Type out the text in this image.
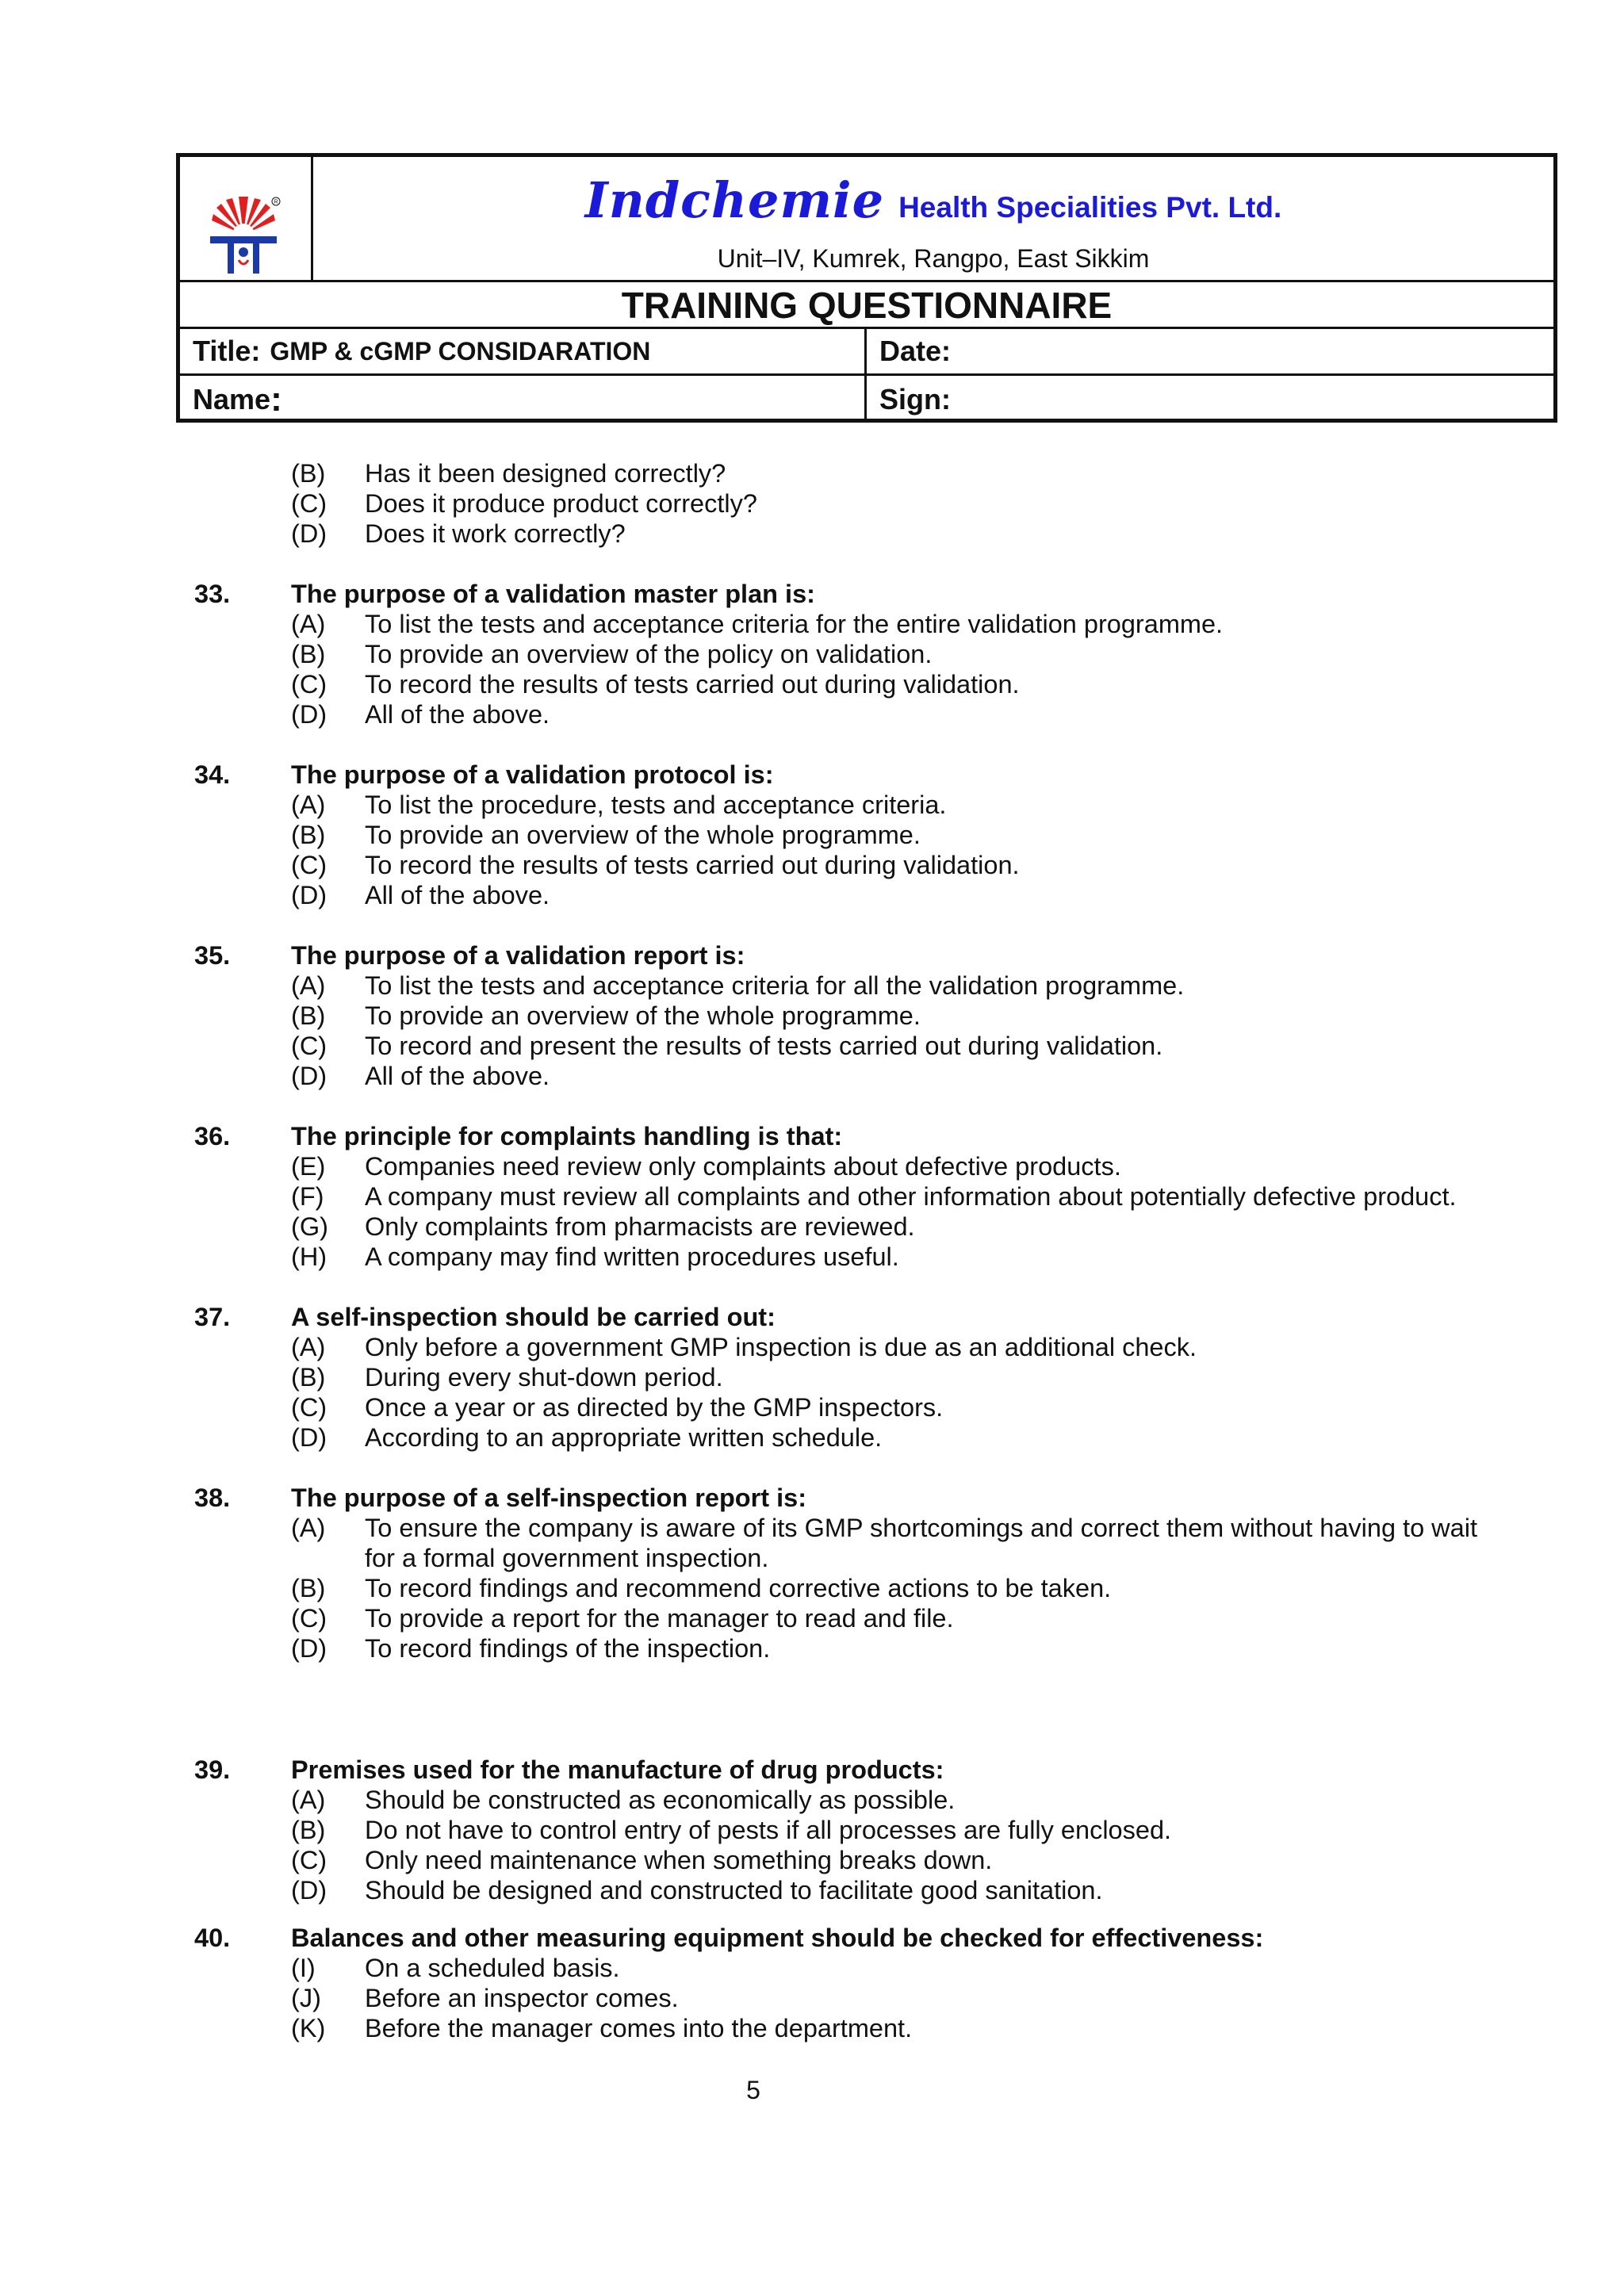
R	Indchemie Health Specialities Pvt. Ltd.
Unit–IV, Kumrek, Rangpo, East Sikkim
TRAINING QUESTIONNAIRE
Title: GMP & cGMP CONSIDARATION	Date:
Name :	Sign:
(B) Has it been designed correctly?
(C) Does it produce product correctly?
(D) Does it work correctly?
33. The purpose of a validation master plan is:
(A) To list the tests and acceptance criteria for the entire validation programme.
(B) To provide an overview of the policy on validation.
(C) To record the results of tests carried out during validation.
(D) All of the above.
34. The purpose of a validation protocol is:
(A) To list the procedure, tests and acceptance criteria.
(B) To provide an overview of the whole programme.
(C) To record the results of tests carried out during validation.
(D) All of the above.
35. The purpose of a validation report is:
(A) To list the tests and acceptance criteria for all the validation programme.
(B) To provide an overview of the whole programme.
(C) To record and present the results of tests carried out during validation.
(D) All of the above.
36. The principle for complaints handling is that:
(E) Companies need review only complaints about defective products.
(F) A company must review all complaints and other information about potentially defective product.
(G) Only complaints from pharmacists are reviewed.
(H) A company may find written procedures useful.
37. A self-inspection should be carried out:
(A) Only before a government GMP inspection is due as an additional check.
(B) During every shut-down period.
(C) Once a year or as directed by the GMP inspectors.
(D) According to an appropriate written schedule.
38. The purpose of a self-inspection report is:
(A) To ensure the company is aware of its GMP shortcomings and correct them without having to wait
for a formal government inspection.
(B) To record findings and recommend corrective actions to be taken.
(C) To provide a report for the manager to read and file.
(D) To record findings of the inspection.
39. Premises used for the manufacture of drug products:
(A) Should be constructed as economically as possible.
(B) Do not have to control entry of pests if all processes are fully enclosed.
(C) Only need maintenance when something breaks down.
(D) Should be designed and constructed to facilitate good sanitation.
40. Balances and other measuring equipment should be checked for effectiveness:
(I) On a scheduled basis.
(J) Before an inspector comes.
(K) Before the manager comes into the department.
5
